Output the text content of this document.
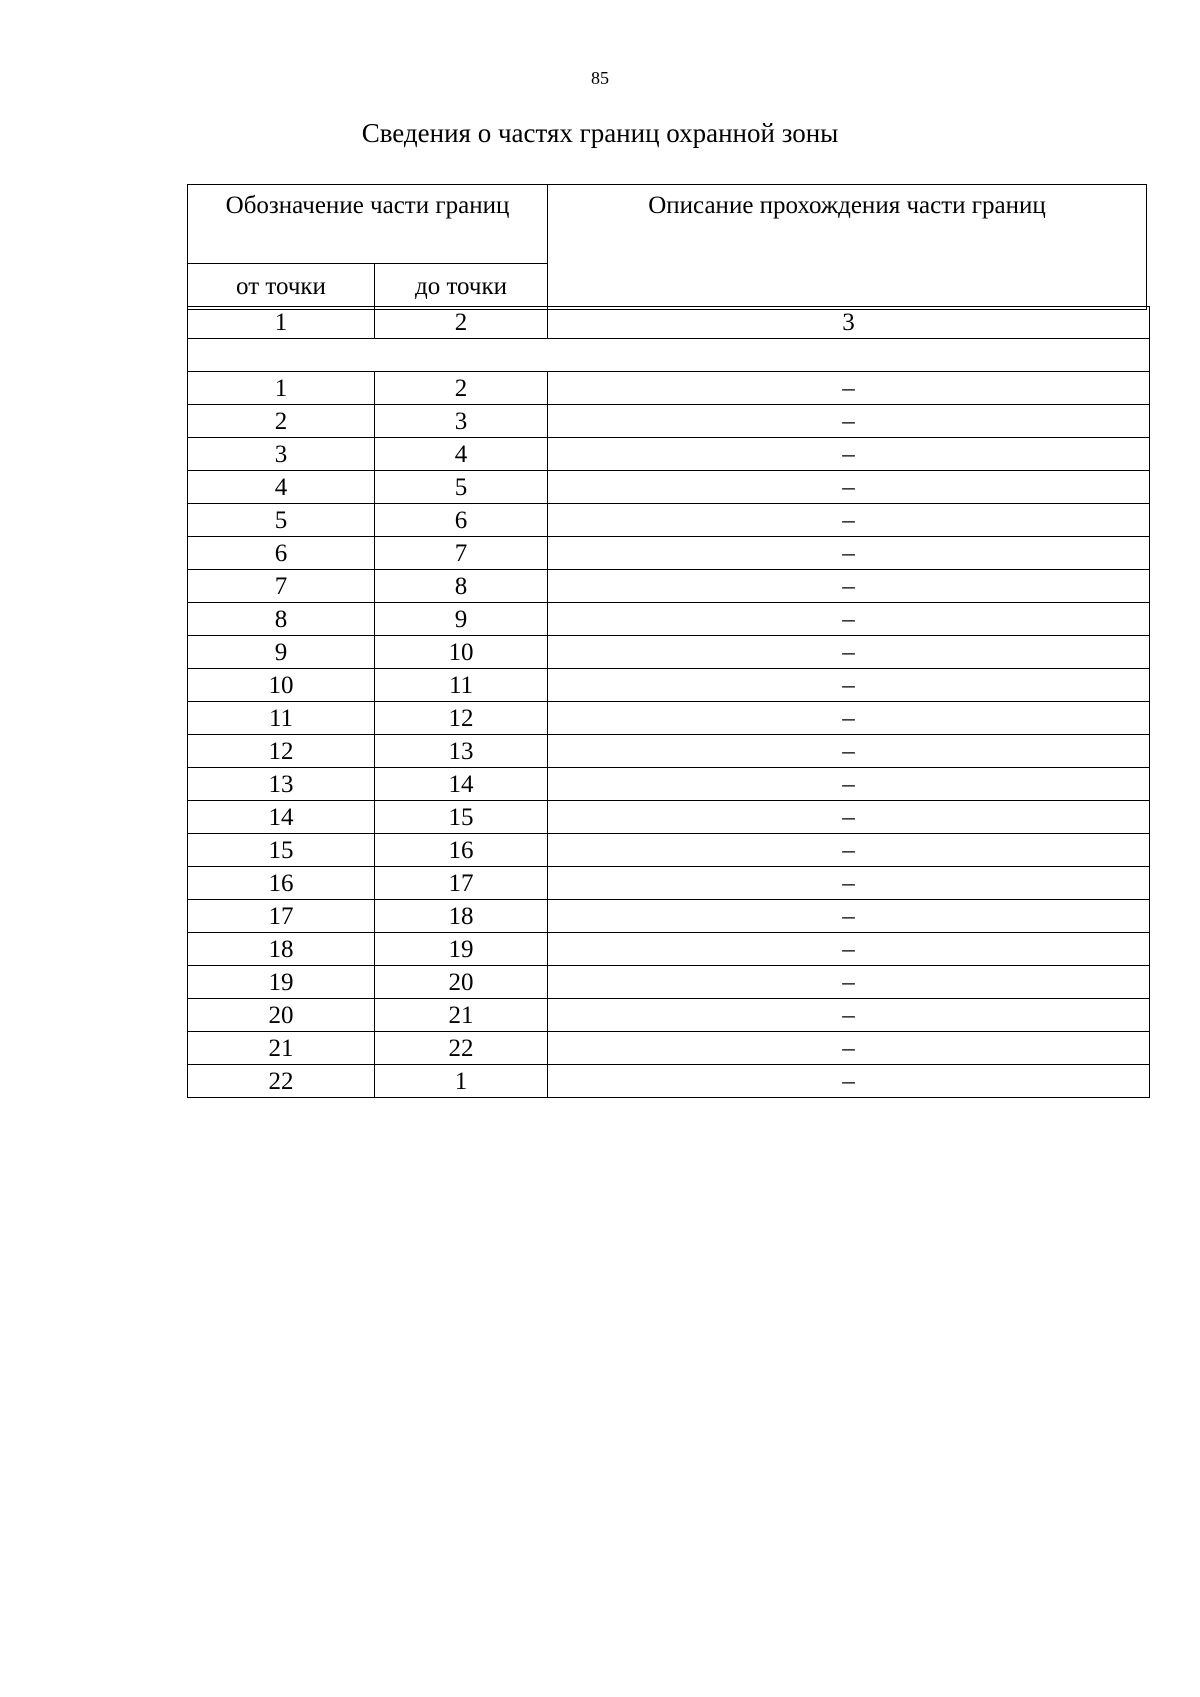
85
Сведения о частях границ охранной зоны
Обозначение части границ		Описание прохождения части границ
от точки	до точки	
1	2	3

1	2	–
2	3	–
3	4	–
4	5	–
5	6	–
6	7	–
7	8	–
8	9	–
9	10	–
10	11	–
11	12	–
12	13	–
13	14	–
14	15	–
15	16	–
16	17	–
17	18	–
18	19	–
19	20	–
20	21	–
21	22	–
22	1	–
